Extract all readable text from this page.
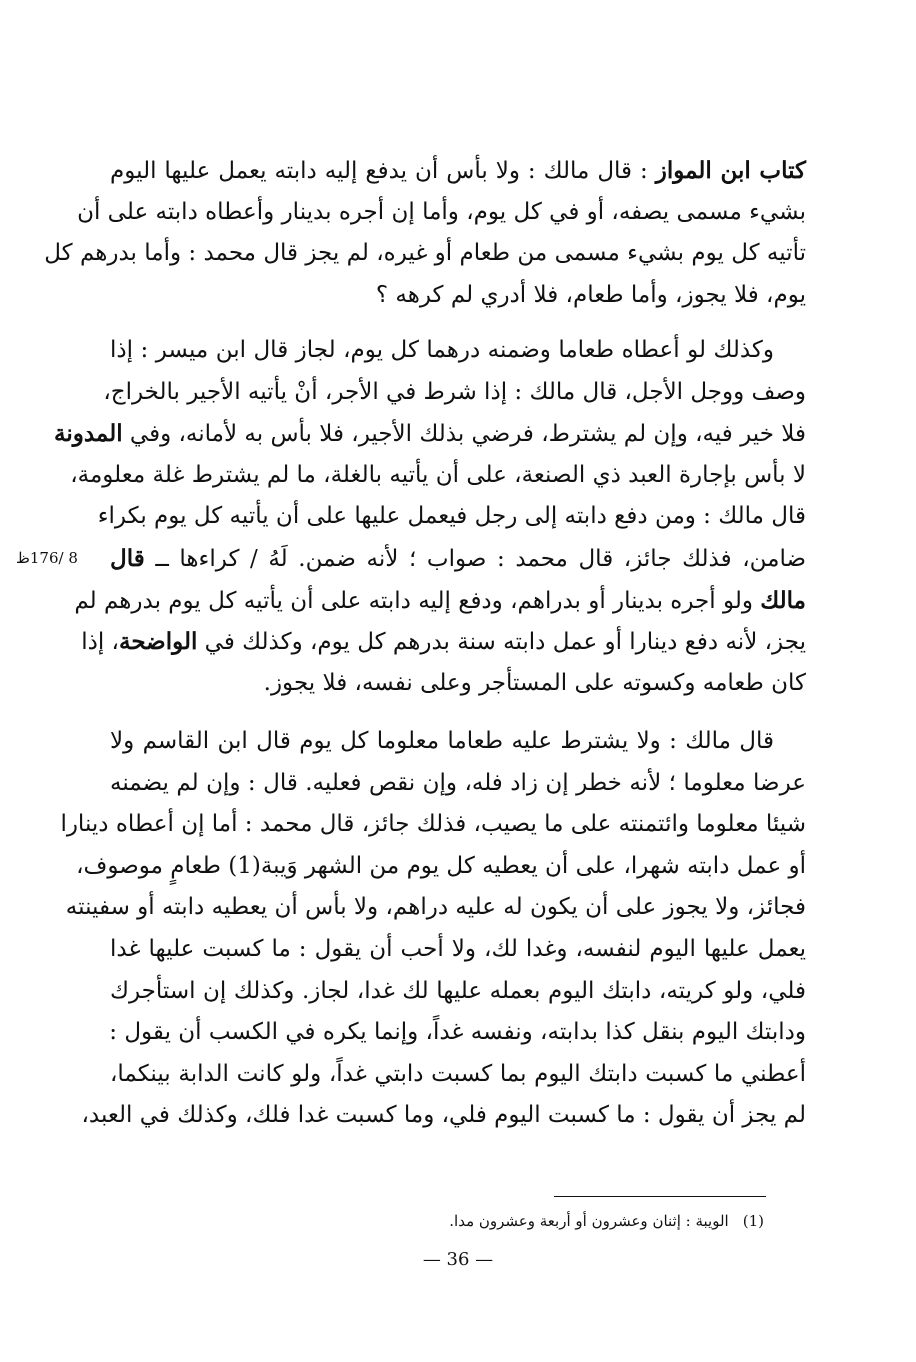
كتاب ابن المواز : قال مالك : ولا بأس أن يدفع إليه دابته يعمل عليها اليوم
بشيء مسمى يصفه، أو في كل يوم، وأما إن أجره بدينار وأعطاه دابته على أن
تأتيه كل يوم بشيء مسمى من طعام أو غيره، لم يجز قال محمد : وأما بدرهم كل
يوم، فلا يجوز، وأما طعام، فلا أدري لم كرهه ؟
وكذلك لو أعطاه طعاما وضمنه درهما كل يوم، لجاز قال ابن ميسر : إذا
وصف ووجل الأجل، قال مالك : إذا شرط في الأجر، أنْ يأتيه الأجير بالخراج،
فلا خير فيه، وإن لم يشترط، فرضي بذلك الأجير، فلا بأس به لأمانه، وفي المدونة
لا بأس بإجارة العبد ذي الصنعة، على أن يأتيه بالغلة، ما لم يشترط غلة معلومة،
قال مالك : ومن دفع دابته إلى رجل فيعمل عليها على أن يأتيه كل يوم بكراء
ضامن، فذلك جائز، قال محمد : صواب ؛ لأنه ضمن. لَهُ / كراءها ــ قال
مالك ولو أجره بدينار أو بدراهم، ودفع إليه دابته على أن يأتيه كل يوم بدرهم لم
يجز، لأنه دفع دينارا أو عمل دابته سنة بدرهم كل يوم، وكذلك في الواضحة، إذا
كان طعامه وكسوته على المستأجر وعلى نفسه، فلا يجوز.
قال مالك : ولا يشترط عليه طعاما معلوما كل يوم قال ابن القاسم ولا
عرضا معلوما ؛ لأنه خطر إن زاد فله، وإن نقص فعليه. قال : وإن لم يضمنه
شيئا معلوما وائتمنته على ما يصيب، فذلك جائز، قال محمد : أما إن أعطاه دينارا
أو عمل دابته شهرا، على أن يعطيه كل يوم من الشهر وَيبة(1) طعامٍ موصوف،
فجائز، ولا يجوز على أن يكون له عليه دراهم، ولا بأس أن يعطيه دابته أو سفينته
يعمل عليها اليوم لنفسه، وغدا لك، ولا أحب أن يقول : ما كسبت عليها غدا
فلي، ولو كريته، دابتك اليوم بعمله عليها لك غدا، لجاز. وكذلك إن استأجرك
ودابتك اليوم بنقل كذا بدابته، ونفسه غداً، وإنما يكره في الكسب أن يقول :
أعطني ما كسبت دابتك اليوم بما كسبت دابتي غداً، ولو كانت الدابة بينكما،
لم يجز أن يقول : ما كسبت اليوم فلي، وما كسبت غدا فلك، وكذلك في العبد،
8 /176ظ
(1)الويبة : إثنان وعشرون أو أربعة وعشرون مدا.
— 36 —
